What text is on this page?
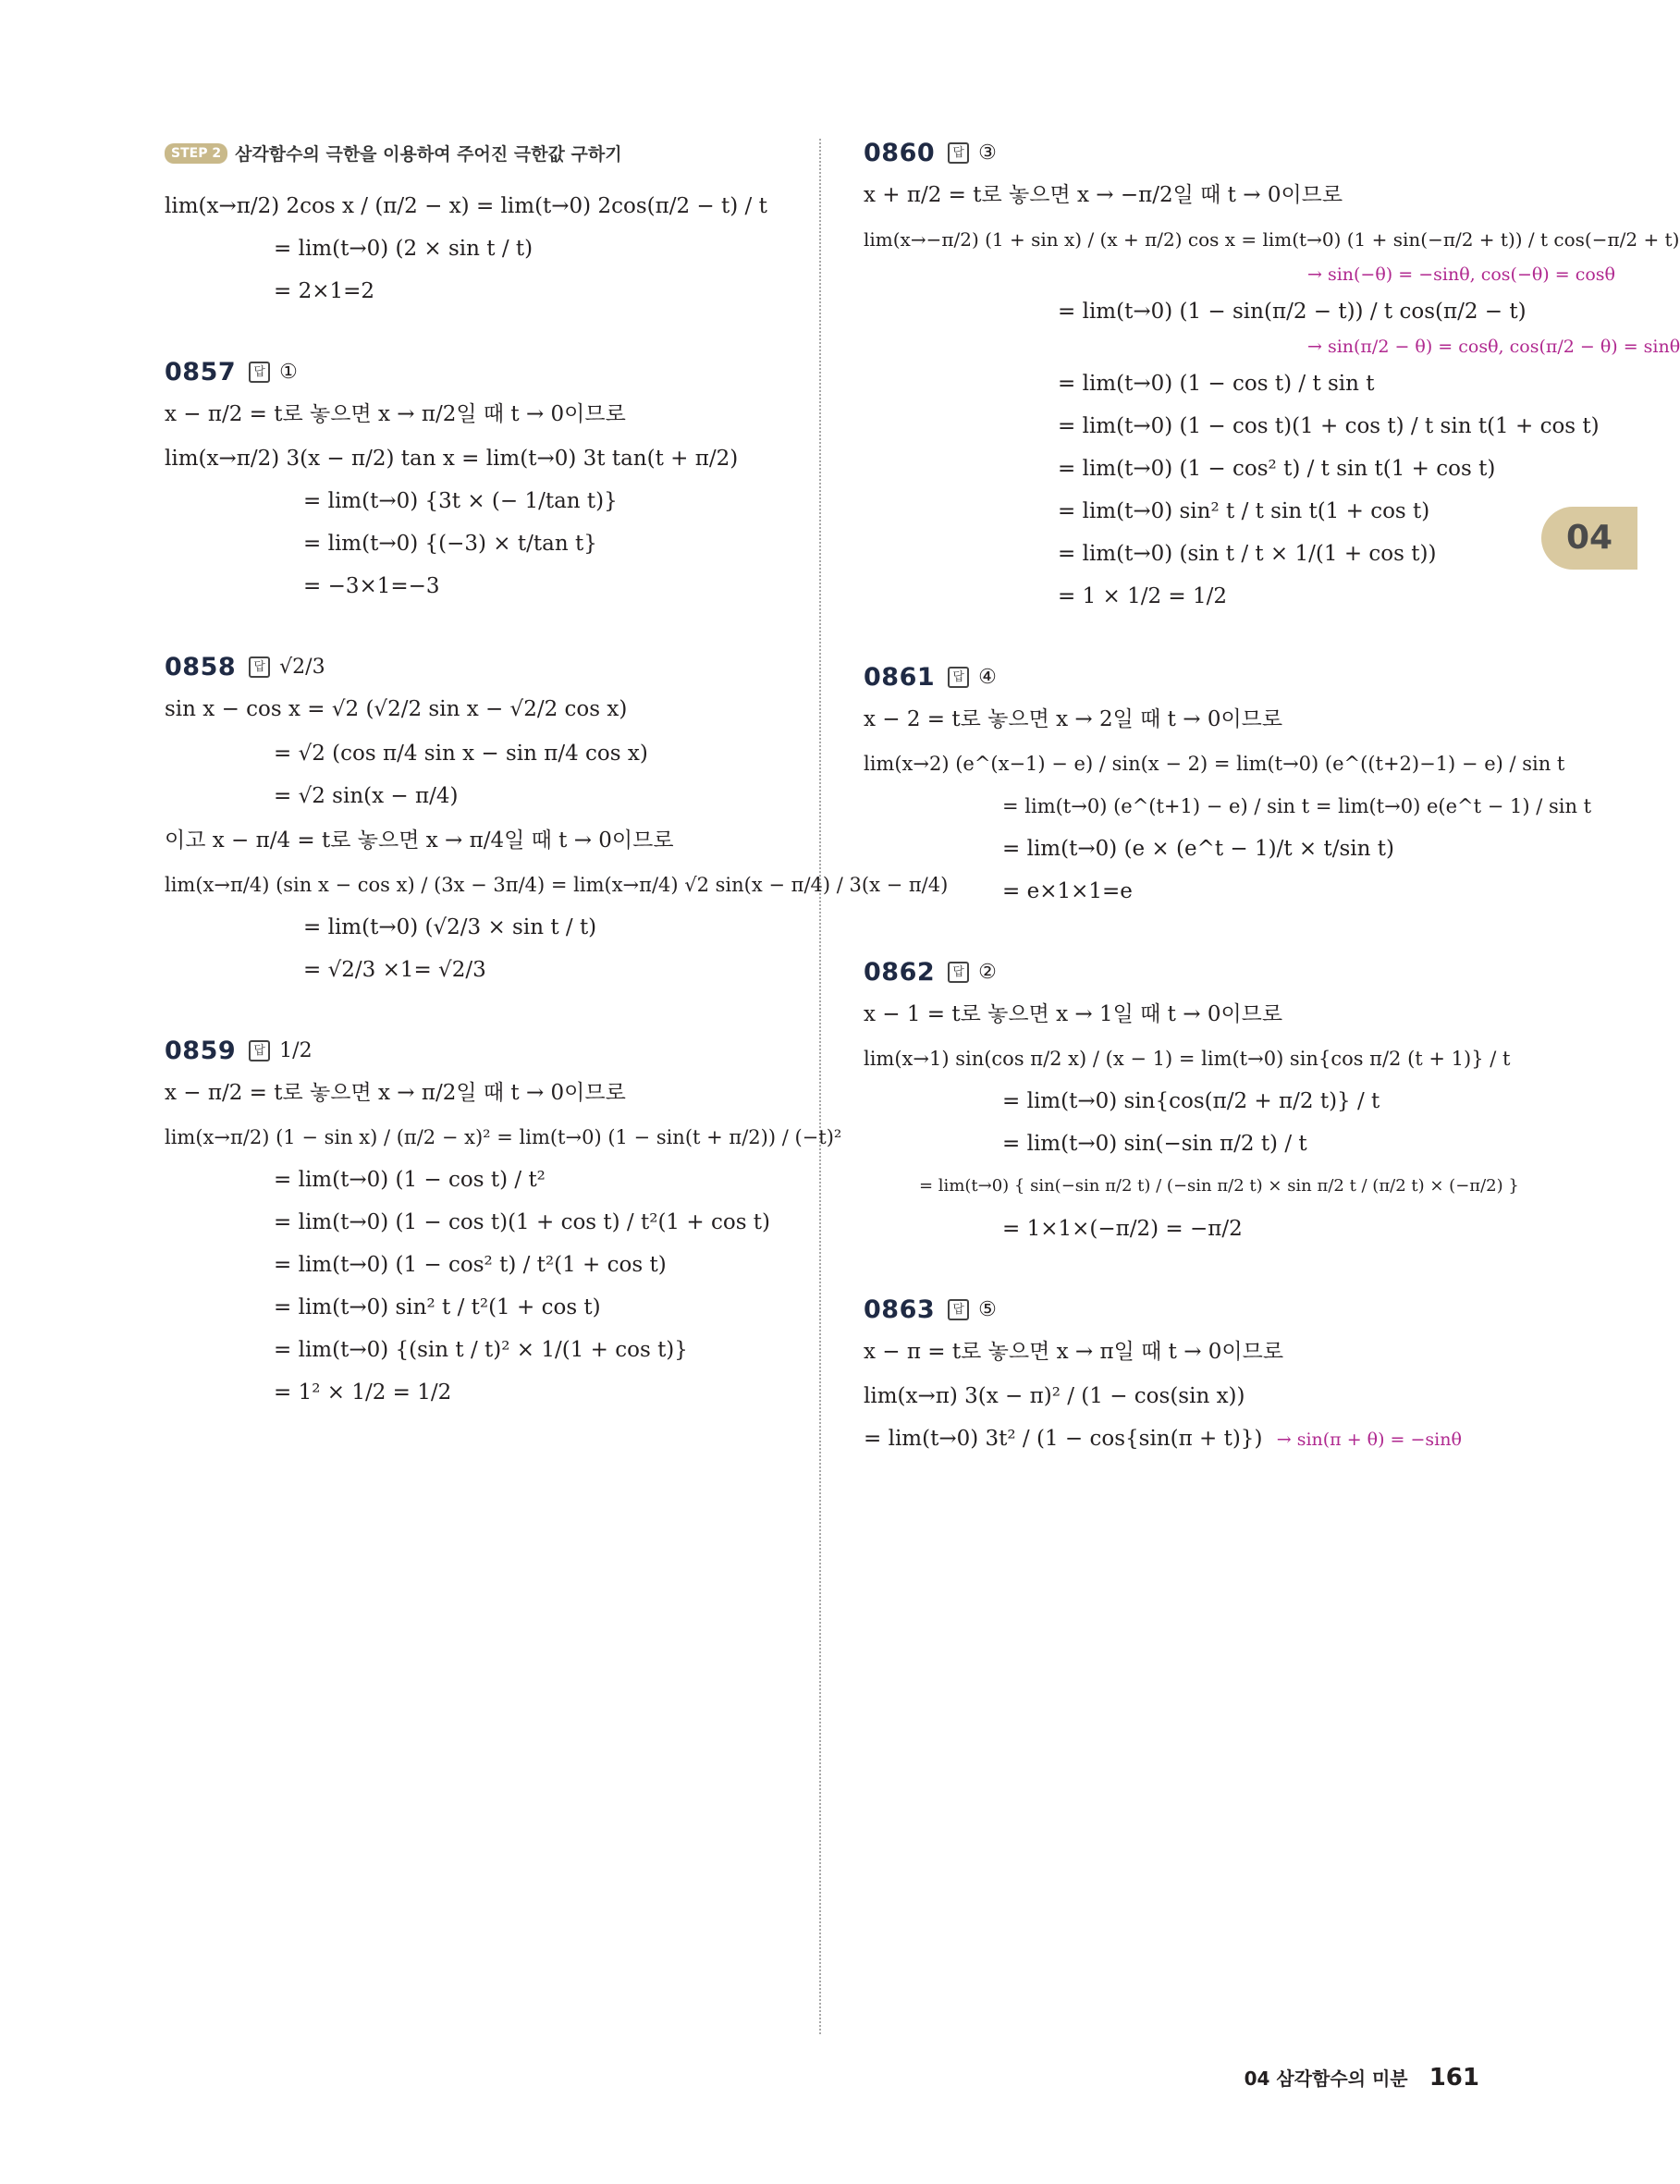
STEP 2 삼각함수의 극한을 이용하여 주어진 극한값 구하기
lim(x→π/2) 2cos x / (π/2 − x) = lim(t→0) 2cos(π/2 − t) / t
= lim(t→0) (2 × sin t / t)
= 2×1=2
0857	답 ①
x − π/2 = t로 놓으면 x → π/2일 때 t → 0이므로
lim(x→π/2) 3(x − π/2) tan x = lim(t→0) 3t tan(t + π/2)
= lim(t→0) {3t × (− 1/tan t)}
= lim(t→0) {(−3) × t/tan t}
= −3×1=−3
0858	답 √2/3
sin x − cos x = √2 (√2/2 sin x − √2/2 cos x)
= √2 (cos π/4 sin x − sin π/4 cos x)
= √2 sin(x − π/4)
이고 x − π/4 = t로 놓으면 x → π/4일 때 t → 0이므로
lim(x→π/4) (sin x − cos x) / (3x − 3π/4) = lim(x→π/4) √2 sin(x − π/4) / 3(x − π/4)
= lim(t→0) (√2/3 × sin t / t)
= √2/3 ×1= √2/3
0859	답 1/2
x − π/2 = t로 놓으면 x → π/2일 때 t → 0이므로
lim(x→π/2) (1 − sin x) / (π/2 − x)² = lim(t→0) (1 − sin(t + π/2)) / (−t)²
= lim(t→0) (1 − cos t) / t²
= lim(t→0) (1 − cos t)(1 + cos t) / t²(1 + cos t)
= lim(t→0) (1 − cos² t) / t²(1 + cos t)
= lim(t→0) sin² t / t²(1 + cos t)
= lim(t→0) {(sin t / t)² × 1/(1 + cos t)}
= 1² × 1/2 = 1/2
0860	답 ③
x + π/2 = t로 놓으면 x → −π/2일 때 t → 0이므로
lim(x→−π/2) (1 + sin x) / (x + π/2) cos x = lim(t→0) (1 + sin(−π/2 + t)) / t cos(−π/2 + t)
→ sin(−θ) = −sinθ, cos(−θ) = cosθ
= lim(t→0) (1 − sin(π/2 − t)) / t cos(π/2 − t)
→ sin(π/2 − θ) = cosθ, cos(π/2 − θ) = sinθ
= lim(t→0) (1 − cos t) / t sin t
= lim(t→0) (1 − cos t)(1 + cos t) / t sin t(1 + cos t)
= lim(t→0) (1 − cos² t) / t sin t(1 + cos t)
= lim(t→0) sin² t / t sin t(1 + cos t)
= lim(t→0) (sin t / t × 1/(1 + cos t))
= 1 × 1/2 = 1/2
0861	답 ④
x − 2 = t로 놓으면 x → 2일 때 t → 0이므로
lim(x→2) (e^(x−1) − e) / sin(x − 2) = lim(t→0) (e^((t+2)−1) − e) / sin t
= lim(t→0) (e^(t+1) − e) / sin t = lim(t→0) e(e^t − 1) / sin t
= lim(t→0) (e × (e^t − 1)/t × t/sin t)
= e×1×1=e
0862	답 ②
x − 1 = t로 놓으면 x → 1일 때 t → 0이므로
lim(x→1) sin(cos π/2 x) / (x − 1) = lim(t→0) sin{cos π/2 (t + 1)} / t
= lim(t→0) sin{cos(π/2 + π/2 t)} / t
= lim(t→0) sin(−sin π/2 t) / t
= lim(t→0) { sin(−sin π/2 t) / (−sin π/2 t) × sin π/2 t / (π/2 t) × (−π/2) }
= 1×1×(−π/2) = −π/2
0863	답 ⑤
x − π = t로 놓으면 x → π일 때 t → 0이므로
lim(x→π) 3(x − π)² / (1 − cos(sin x))
= lim(t→0) 3t² / (1 − cos{sin(π + t)}) → sin(π + θ) = −sinθ
04
04 삼각함수의 미분 161
